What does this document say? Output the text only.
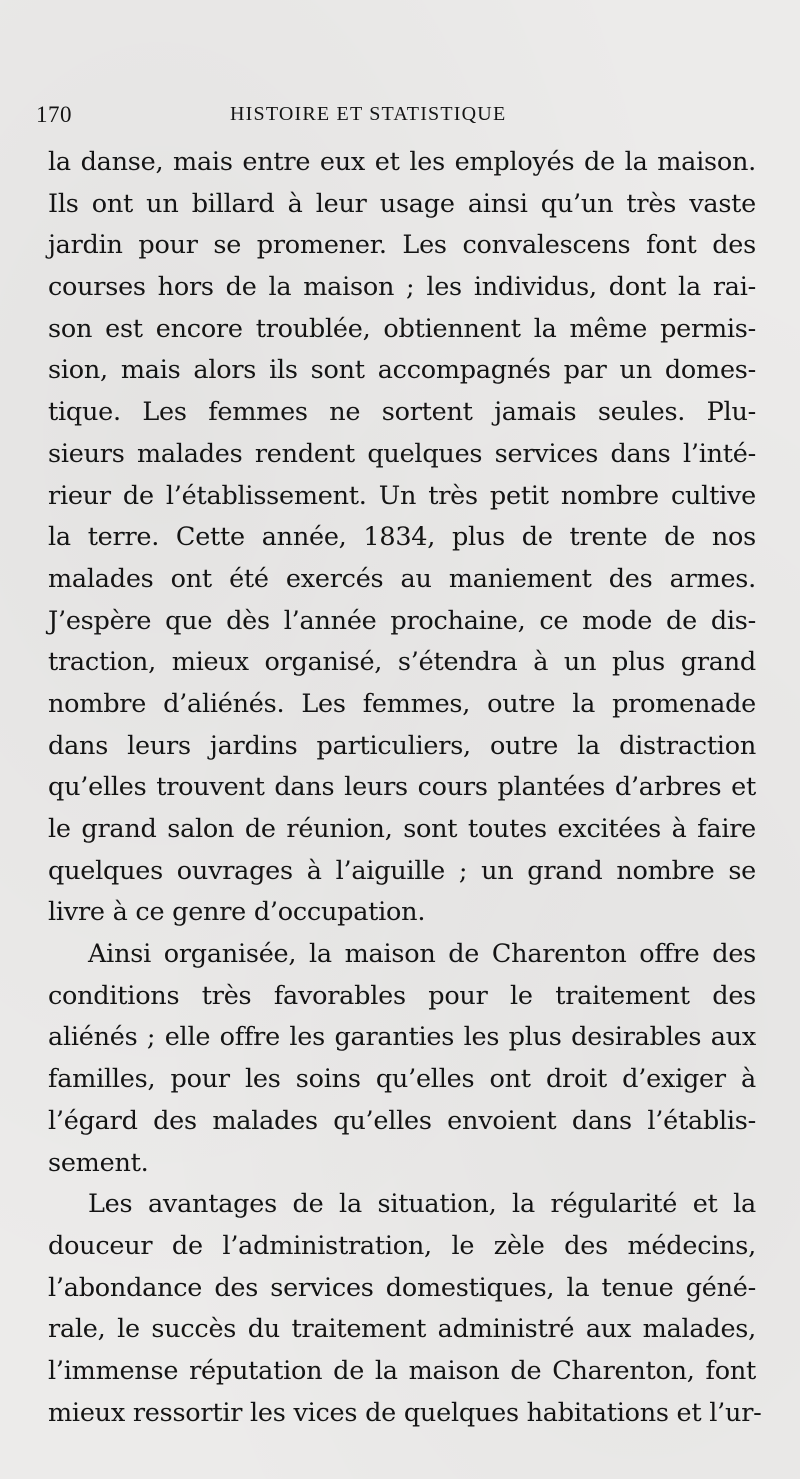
170	HISTOIRE ET STATISTIQUE
la danse, mais entre eux et les employés de la maison.
Ils ont un billard à leur usage ainsi qu’un très vaste
jardin pour se promener. Les convalescens font des
courses hors de la maison ; les individus, dont la rai-
son est encore troublée, obtiennent la même permis-
sion, mais alors ils sont accompagnés par un domes-
tique. Les femmes ne sortent jamais seules. Plu-
sieurs malades rendent quelques services dans l’inté-
rieur de l’établissement. Un très petit nombre cultive
la terre. Cette année, 1834, plus de trente de nos
malades ont été exercés au maniement des armes.
J’espère que dès l’année prochaine, ce mode de dis-
traction, mieux organisé, s’étendra à un plus grand
nombre d’aliénés. Les femmes, outre la promenade
dans leurs jardins particuliers, outre la distraction
qu’elles trouvent dans leurs cours plantées d’arbres et
le grand salon de réunion, sont toutes excitées à faire
quelques ouvrages à l’aiguille ; un grand nombre se
livre à ce genre d’occupation.
Ainsi organisée, la maison de Charenton offre des
conditions très favorables pour le traitement des
aliénés ; elle offre les garanties les plus desirables aux
familles, pour les soins qu’elles ont droit d’exiger à
l’égard des malades qu’elles envoient dans l’établis-
sement.
Les avantages de la situation, la régularité et la
douceur de l’administration, le zèle des médecins,
l’abondance des services domestiques, la tenue géné-
rale, le succès du traitement administré aux malades,
l’immense réputation de la maison de Charenton, font
mieux ressortir les vices de quelques habitations et l’ur-
